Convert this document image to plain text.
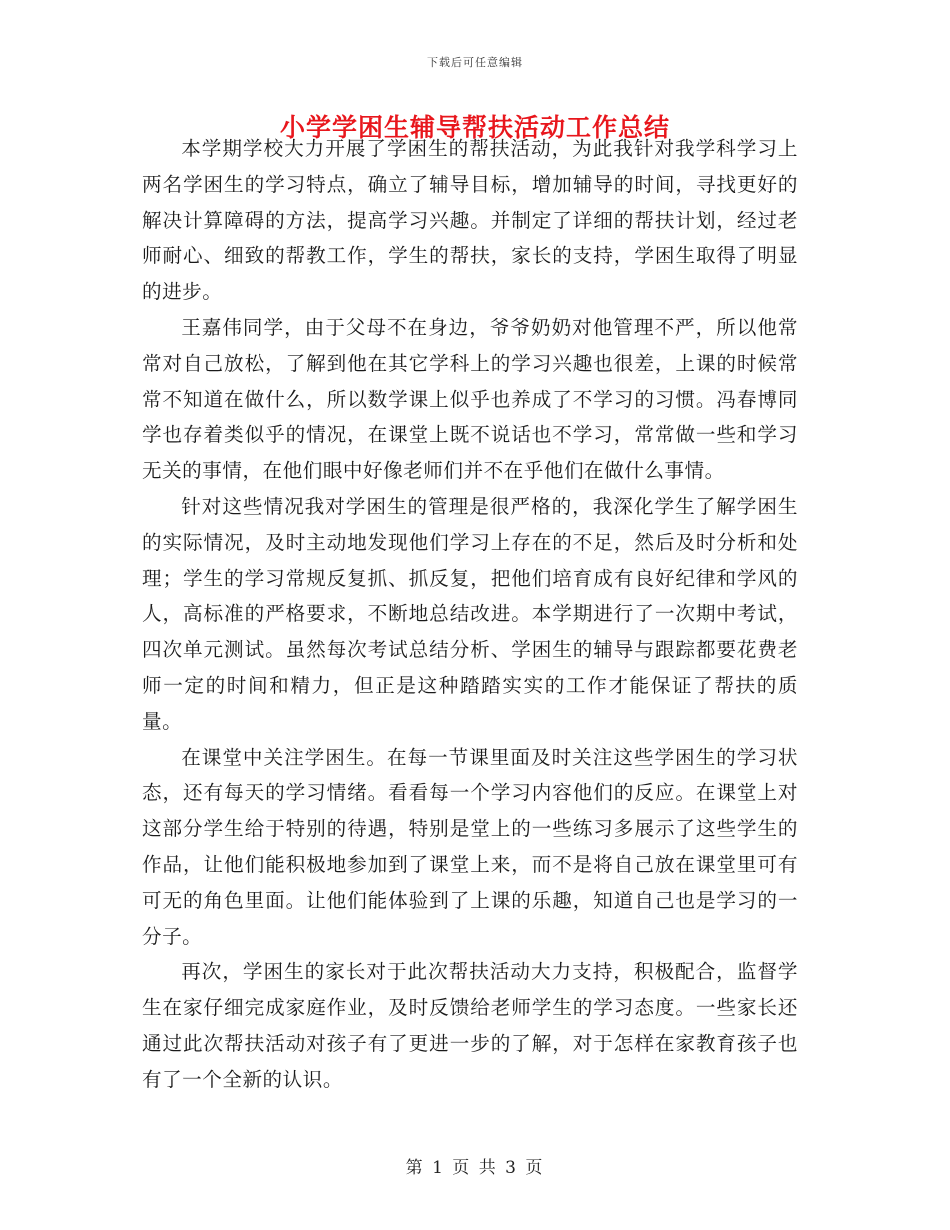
下载后可任意编辑
小学学困生辅导帮扶活动工作总结

本学期学校大力开展了学困生的帮扶活动，为此我针对我学科学习上两名学困生的学习特点，确立了辅导目标，增加辅导的时间，寻找更好的解决计算障碍的方法，提高学习兴趣。并制定了详细的帮扶计划，经过老师耐心、细致的帮教工作，学生的帮扶，家长的支持，学困生取得了明显的进步。

王嘉伟同学，由于父母不在身边，爷爷奶奶对他管理不严，所以他常常对自己放松，了解到他在其它学科上的学习兴趣也很差，上课的时候常常不知道在做什么，所以数学课上似乎也养成了不学习的习惯。冯春博同学也存着类似乎的情况，在课堂上既不说话也不学习，常常做一些和学习无关的事情，在他们眼中好像老师们并不在乎他们在做什么事情。

针对这些情况我对学困生的管理是很严格的，我深化学生了解学困生的实际情况，及时主动地发现他们学习上存在的不足，然后及时分析和处理；学生的学习常规反复抓、抓反复，把他们培育成有良好纪律和学风的人，高标准的严格要求，不断地总结改进。本学期进行了一次期中考试，四次单元测试。虽然每次考试总结分析、学困生的辅导与跟踪都要花费老师一定的时间和精力，但正是这种踏踏实实的工作才能保证了帮扶的质量。

在课堂中关注学困生。在每一节课里面及时关注这些学困生的学习状态，还有每天的学习情绪。看看每一个学习内容他们的反应。在课堂上对这部分学生给于特别的待遇，特别是堂上的一些练习多展示了这些学生的作品，让他们能积极地参加到了课堂上来，而不是将自己放在课堂里可有可无的角色里面。让他们能体验到了上课的乐趣，知道自己也是学习的一分子。

再次，学困生的家长对于此次帮扶活动大力支持，积极配合，监督学生在家仔细完成家庭作业，及时反馈给老师学生的学习态度。一些家长还通过此次帮扶活动对孩子有了更进一步的了解，对于怎样在家教育孩子也有了一个全新的认识。

第 1 页 共 3 页
